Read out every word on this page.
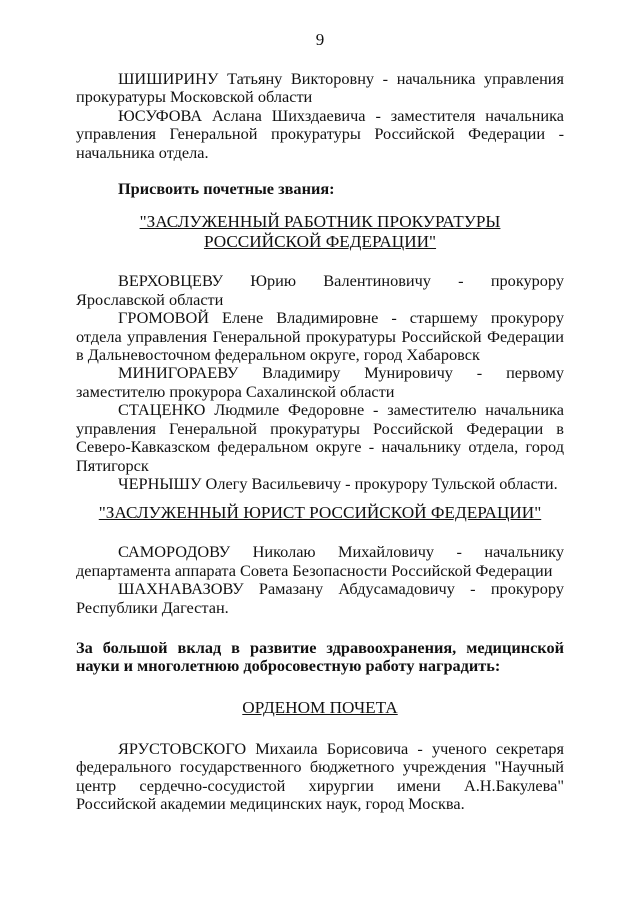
9

ШИШИРИНУ Татьяну Викторовну - начальника управления прокуратуры Московской области

ЮСУФОВА Аслана Шихздаевича - заместителя начальника управления Генеральной прокуратуры Российской Федерации - начальника отдела.

Присвоить почетные звания:

"ЗАСЛУЖЕННЫЙ РАБОТНИК ПРОКУРАТУРЫ

РОССИЙСКОЙ ФЕДЕРАЦИИ"

ВЕРХОВЦЕВУ Юрию Валентиновичу - прокурору Ярославской области

ГРОМОВОЙ Елене Владимировне - старшему прокурору отдела управления Генеральной прокуратуры Российской Федерации в Дальневосточном федеральном округе, город Хабаровск

МИНИГОРАЕВУ Владимиру Мунировичу - первому заместителю прокурора Сахалинской области

СТАЦЕНКО Людмиле Федоровне - заместителю начальника управления Генеральной прокуратуры Российской Федерации в Северо-Кавказском федеральном округе - начальнику отдела, город Пятигорск

ЧЕРНЫШУ Олегу Васильевичу - прокурору Тульской области.

"ЗАСЛУЖЕННЫЙ ЮРИСТ РОССИЙСКОЙ ФЕДЕРАЦИИ"

САМОРОДОВУ Николаю Михайловичу - начальнику департамента аппарата Совета Безопасности Российской Федерации

ШАХНАВАЗОВУ Рамазану Абдусамадовичу - прокурору Республики Дагестан.

За большой вклад в развитие здравоохранения, медицинской науки и многолетнюю добросовестную работу наградить:

ОРДЕНОМ ПОЧЕТА

ЯРУСТОВСКОГО Михаила Борисовича - ученого секретаря федерального государственного бюджетного учреждения "Научный центр сердечно-сосудистой хирургии имени А.Н.Бакулева" Российской академии медицинских наук, город Москва.
